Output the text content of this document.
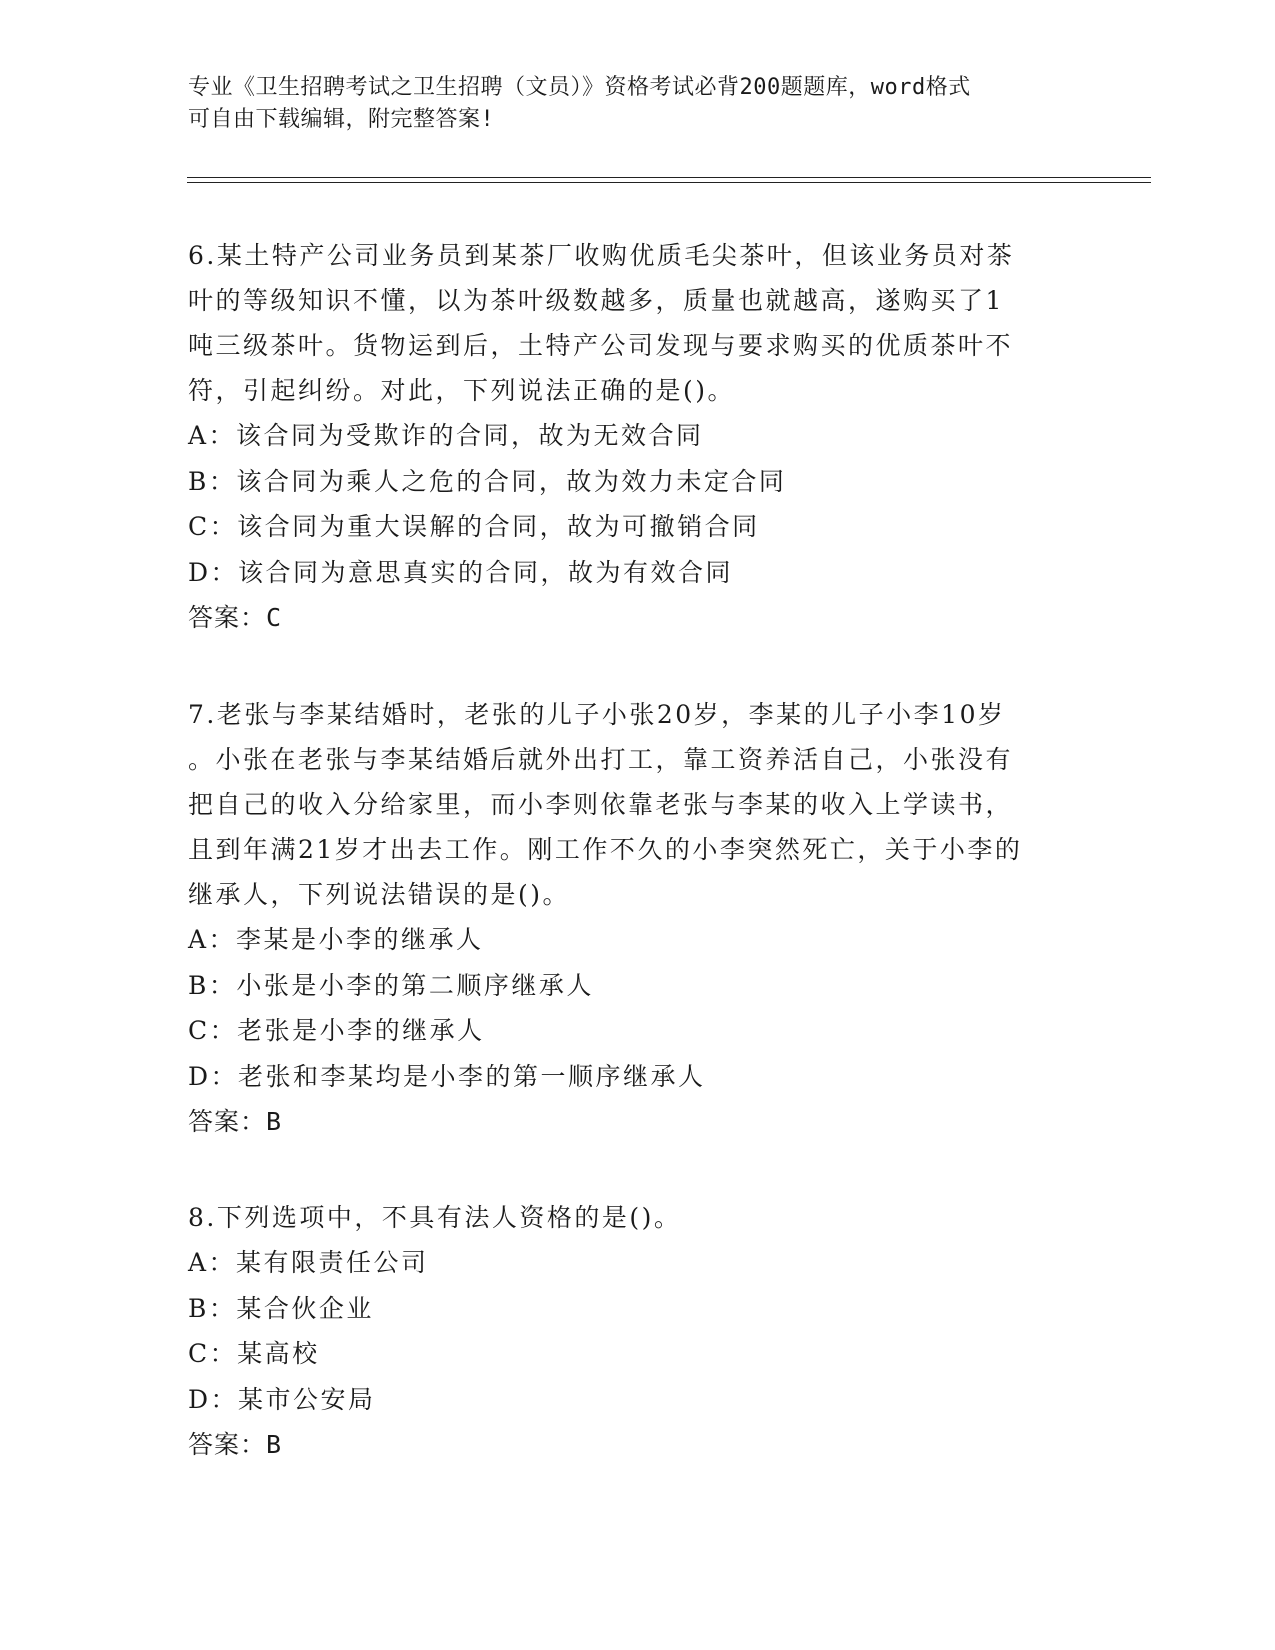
专业《卫生招聘考试之卫生招聘（文员）》资格考试必背200题题库，word格式

可自由下载编辑，附完整答案!

6.某土特产公司业务员到某茶厂收购优质毛尖茶叶，但该业务员对茶

叶的等级知识不懂，以为茶叶级数越多，质量也就越高，遂购买了1

吨三级茶叶。货物运到后，土特产公司发现与要求购买的优质茶叶不

符，引起纠纷。对此，下列说法正确的是()。

A：该合同为受欺诈的合同，故为无效合同

B：该合同为乘人之危的合同，故为效力未定合同

C：该合同为重大误解的合同，故为可撤销合同

D：该合同为意思真实的合同，故为有效合同

答案：C

7.老张与李某结婚时，老张的儿子小张20岁，李某的儿子小李10岁

。小张在老张与李某结婚后就外出打工，靠工资养活自己，小张没有

把自己的收入分给家里，而小李则依靠老张与李某的收入上学读书，

且到年满21岁才出去工作。刚工作不久的小李突然死亡，关于小李的

继承人，下列说法错误的是()。

A：李某是小李的继承人

B：小张是小李的第二顺序继承人

C：老张是小李的继承人

D：老张和李某均是小李的第一顺序继承人

答案：B

8.下列选项中，不具有法人资格的是()。

A：某有限责任公司

B：某合伙企业

C：某高校

D：某市公安局

答案：B
